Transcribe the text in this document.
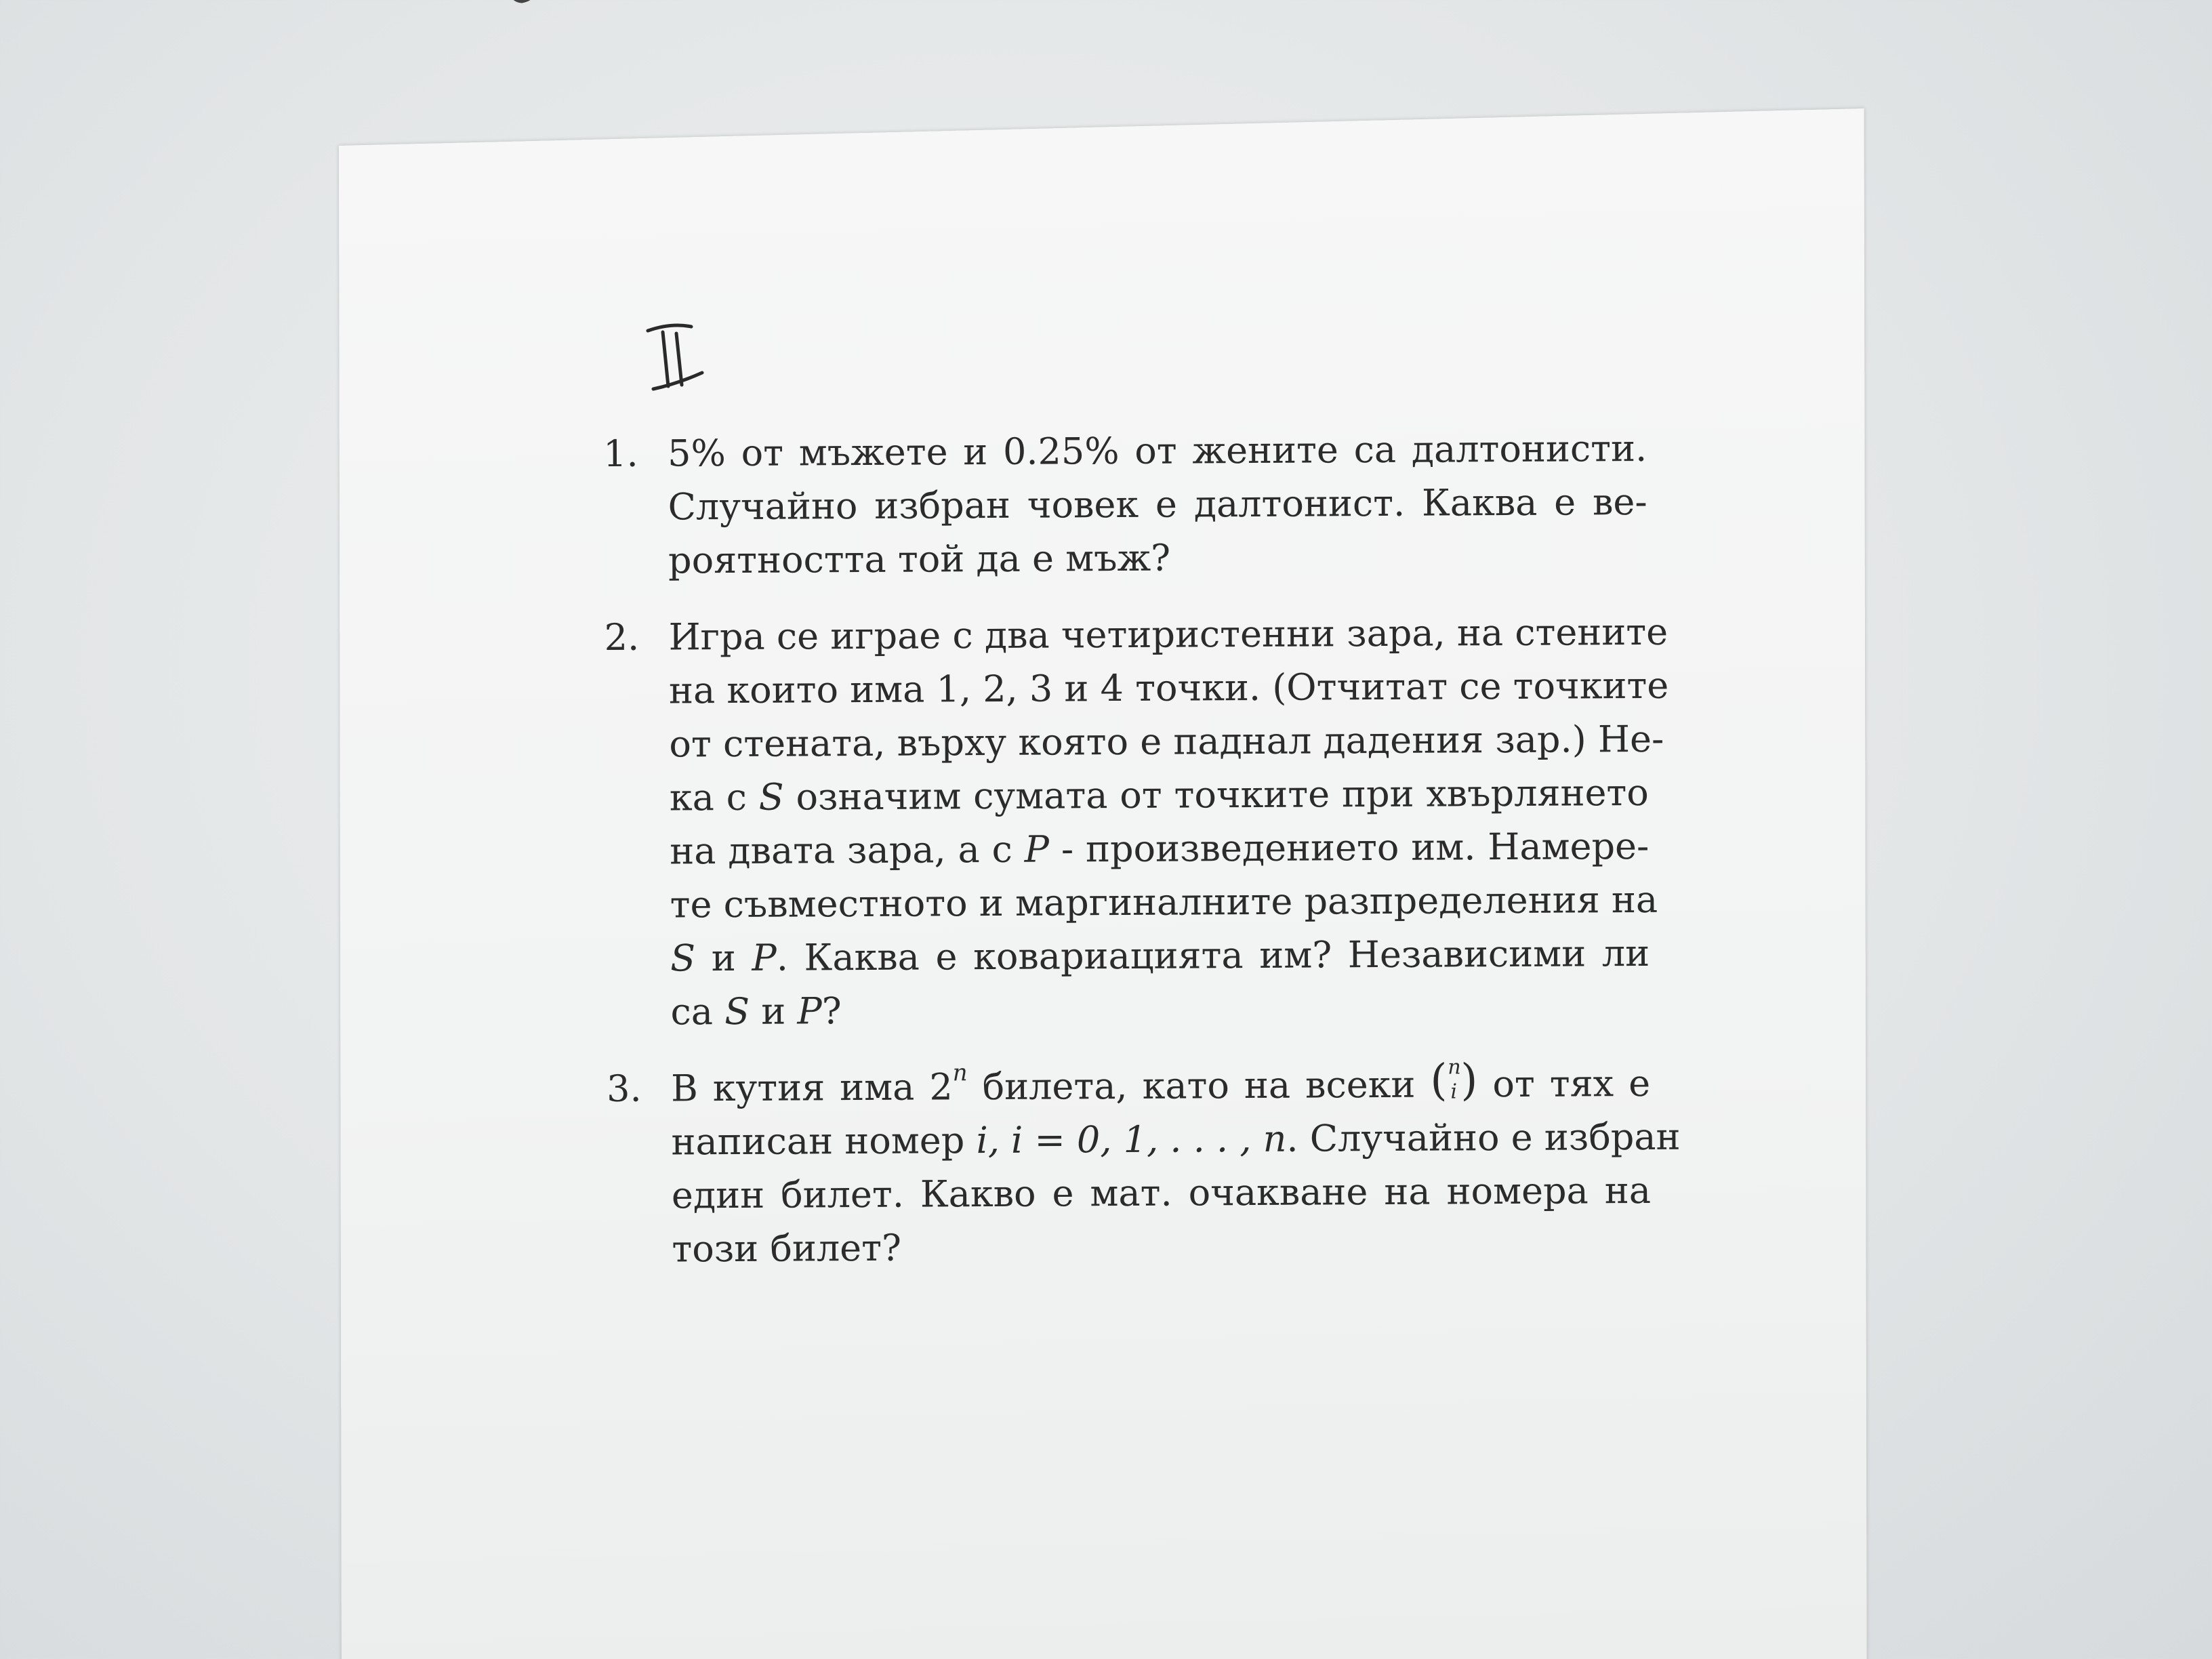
1. 5% от мъжете и 0.25% от жените са далтонисти.
Случайно избран човек е далтонист. Каква е ве-
роятността той да е мъж?
2. Игра се играе с два четиристенни зара, на стените
на които има 1, 2, 3 и 4 точки. (Отчитат се точките
от стената, върху която е паднал дадения зар.) Не-
ка с S означим сумата от точките при хвърлянето
на двата зара, а с P - произведението им. Намере-
те съвместното и маргиналните разпределения на
S и P. Каква е ковариацията им? Независими ли
са S и P?
3. В кутия има 2$^n$ билета, като на всеки ( n
i ) от тях е
написан номер i, i = 0, 1, . . . , n. Случайно е избран
един билет. Какво е мат. очакване на номера на
този билет?
